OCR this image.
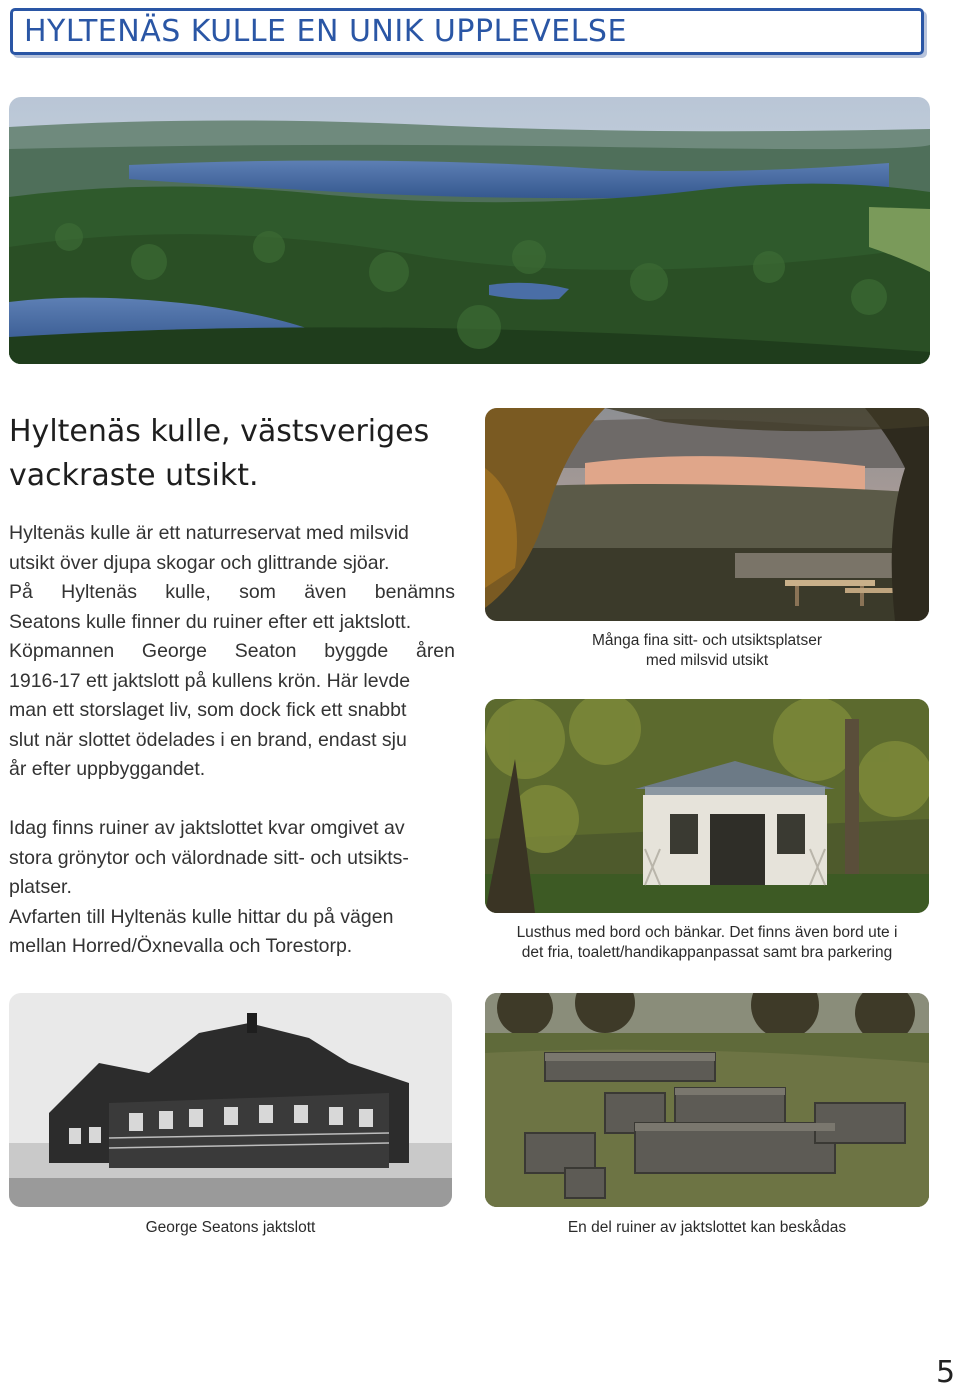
HYLTENÄS KULLE EN UNIK UPPLEVELSE
Hyltenäs kulle, västsveriges
vackraste utsikt.

Hyltenäs kulle är ett naturreservat med milsvid

utsikt över djupa skogar och glittrande sjöar.

På Hyltenäs kulle, som även benämns

Seatons kulle finner du ruiner efter ett jaktslott.

Köpmannen George Seaton byggde åren

1916-17 ett jaktslott på kullens krön. Här levde

man ett storslaget liv, som dock fick ett snabbt

slut när slottet ödelades i en brand, endast sju

år efter uppbyggandet.

Idag finns ruiner av jaktslottet kvar omgivet av

stora grönytor och välordnade sitt- och utsikts-

platser.

Avfarten till Hyltenäs kulle hittar du på vägen

mellan Horred/Öxnevalla och Torestorp.

Många fina sitt- och utsiktsplatser
med milsvid utsikt
Lusthus med bord och bänkar. Det finns även bord ute i
det fria, toalett/handikappanpassat samt bra parkering
George Seatons jaktslott	En del ruiner av jaktslottet kan beskådas
5
